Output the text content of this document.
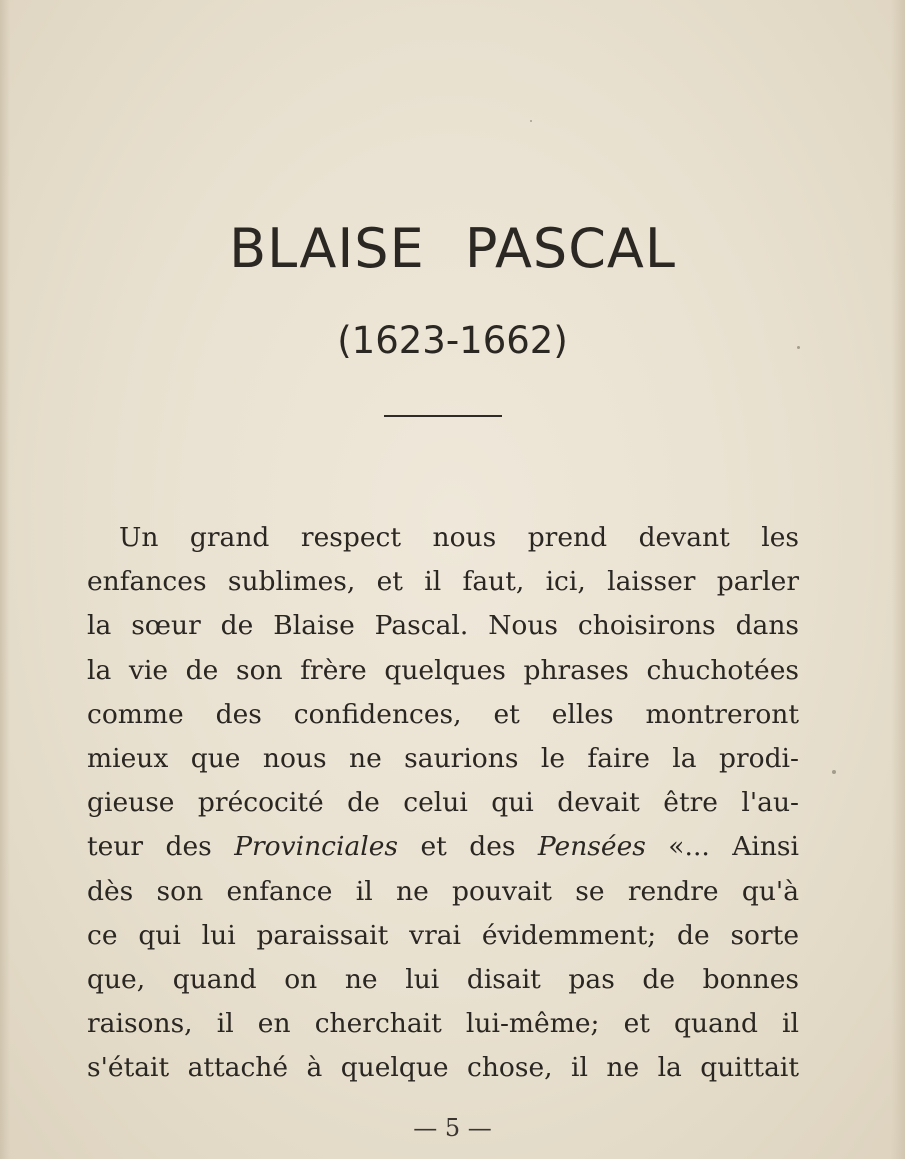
BLAISE PASCAL
(1623-1662)
Un grand respect nous prend devant les
enfances sublimes, et il faut, ici, laisser parler
la sœur de Blaise Pascal. Nous choisirons dans
la vie de son frère quelques phrases chuchotées
comme des confidences, et elles montreront
mieux que nous ne saurions le faire la prodi-
gieuse précocité de celui qui devait être l'au-
teur des Provinciales et des Pensées «... Ainsi
dès son enfance il ne pouvait se rendre qu'à
ce qui lui paraissait vrai évidemment; de sorte
que, quand on ne lui disait pas de bonnes
raisons, il en cherchait lui-même; et quand il
s'était attaché à quelque chose, il ne la quittait
— 5 —
